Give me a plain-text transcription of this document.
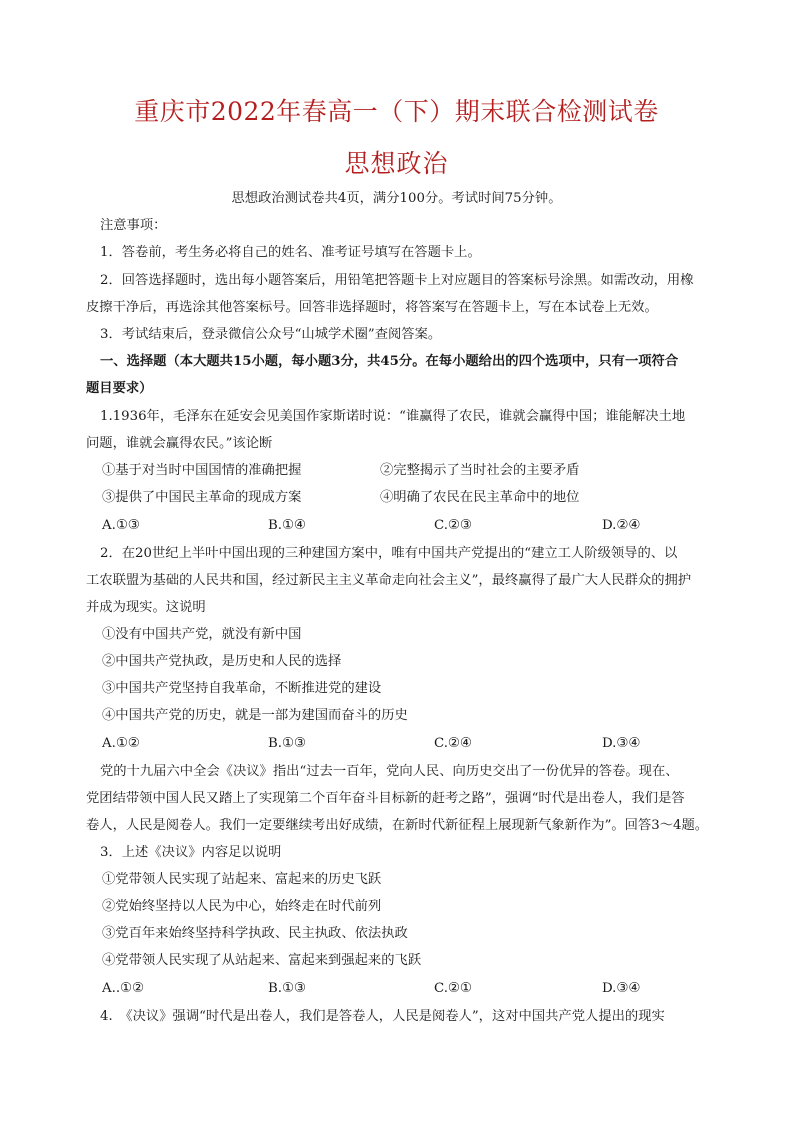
重庆市2022年春高一（下）期末联合检测试卷
思想政治
思想政治测试卷共4页，满分100分。考试时间75分钟。
注意事项：
1．答卷前，考生务必将自己的姓名、准考证号填写在答题卡上。
2．回答选择题时，选出每小题答案后，用铅笔把答题卡上对应题目的答案标号涂黑。如需改动，用橡
皮擦干净后，再选涂其他答案标号。回答非选择题时，将答案写在答题卡上，写在本试卷上无效。
3．考试结束后，登录微信公众号“山城学术圈”查阅答案。
一、选择题（本大题共15小题，每小题3分，共45分。在每小题给出的四个选项中，只有一项符合
题目要求）
1.1936年，毛泽东在延安会见美国作家斯诺时说：“谁赢得了农民，谁就会赢得中国；谁能解决土地
问题，谁就会赢得农民。”该论断
①基于对当时中国国情的准确把握	②完整揭示了当时社会的主要矛盾
③提供了中国民主革命的现成方案	④明确了农民在民主革命中的地位
A.①③	B.①④	C.②③	D.②④
2．在20世纪上半叶中国出现的三种建国方案中，唯有中国共产党提出的“建立工人阶级领导的、以
工农联盟为基础的人民共和国，经过新民主主义革命走向社会主义”，最终赢得了最广大人民群众的拥护
并成为现实。这说明
①没有中国共产党，就没有新中国
②中国共产党执政，是历史和人民的选择
③中国共产党坚持自我革命，不断推进党的建设
④中国共产党的历史，就是一部为建国而奋斗的历史
A.①②	B.①③	C.②④	D.③④
党的十九届六中全会《决议》指出“过去一百年，党向人民、向历史交出了一份优异的答卷。现在、
党团结带领中国人民又踏上了实现第二个百年奋斗目标新的赶考之路”，强调“时代是出卷人，我们是答
卷人，人民是阅卷人。我们一定要继续考出好成绩，在新时代新征程上展现新气象新作为”。回答3～4题。
3．上述《决议》内容足以说明
①党带领人民实现了站起来、富起来的历史飞跃
②党始终坚持以人民为中心，始终走在时代前列
③党百年来始终坚持科学执政、民主执政、依法执政
④党带领人民实现了从站起来、富起来到强起来的飞跃
A..①②	B.①③	C.②①	D.③④
4.　《决议》强调“时代是出卷人，我们是答卷人，人民是阅卷人”，这对中国共产党人提出的现实
